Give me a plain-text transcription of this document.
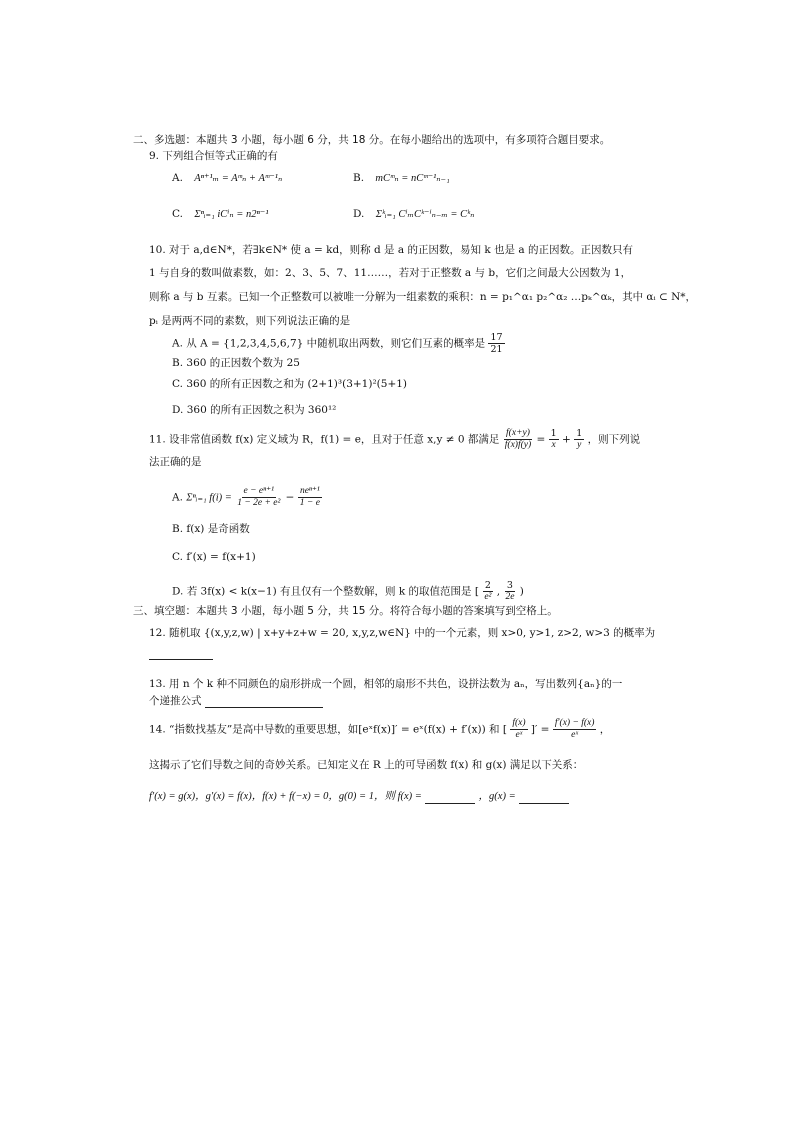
二、多选题：本题共 3 小题，每小题 6 分，共 18 分。在每小题给出的选项中，有多项符合题目要求。
9. 下列组合恒等式正确的有
A. Aⁿ⁺¹ₘ = Aᵐₙ + Aᵐ⁻¹ₙ	B. mCᵐₙ = nCᵐ⁻¹ₙ₋₁
C. Σⁿᵢ₌₁ iCⁱₙ = n2ⁿ⁻¹	D. Σᵏᵢ₌₁ CⁱₘCᵏ⁻ⁱₙ₋ₘ = Cᵏₙ
10. 对于 a,d∈N*，若∃k∈N* 使 a = kd，则称 d 是 a 的正因数，易知 k 也是 a 的正因数。正因数只有
1 与自身的数叫做素数，如：2、3、5、7、11……，若对于正整数 a 与 b，它们之间最大公因数为 1，
则称 a 与 b 互素。已知一个正整数可以被唯一分解为一组素数的乘积：n = p₁^α₁ p₂^α₂ …pₖ^αₖ，其中 αᵢ ⊂ N*，
pᵢ 是两两不同的素数，则下列说法正确的是
A. 从 A = {1,2,3,4,5,6,7} 中随机取出两数，则它们互素的概率是 $\frac{17}{21}$
B. 360 的正因数个数为 25
C. 360 的所有正因数之和为 (2+1)³(3+1)²(5+1)
D. 360 的所有正因数之积为 360¹²
11. 设非常值函数 f(x) 定义域为 R，f(1) = e，且对于任意 x,y ≠ 0 都满足 $\frac{f(x+y)}{f(x)f(y)} = \frac{1}{x} + \frac{1}{y}$ ，则下列说
法正确的是
A. Σⁿᵢ₌₁ $f(i) = \frac{\text{e − eⁿ⁺¹}}{\text{1 − 2e + e²}} - \frac{\text{neⁿ⁺¹}}{1 - e}$
B. f(x) 是奇函数
C. f′(x) = f(x+1)
D. 若 3f(x) < k(x−1) 有且仅有一个整数解，则 k 的取值范围是 [ $\frac{2}{\text{e²}}$ , $\frac{3}{2e}$ )
三、填空题：本题共 3 小题，每小题 5 分，共 15 分。将符合每小题的答案填写到空格上。
12. 随机取 {(x,y,z,w) | x+y+z+w = 20, x,y,z,w∈N} 中的一个元素，则 x>0, y>1, z>2, w>3 的概率为
13. 用 n 个 k 种不同颜色的扇形拼成一个圆，相邻的扇形不共色，设拼法数为 aₙ，写出数列{aₙ}的一
个递推公式
14. “指数找基友”是高中导数的重要思想，如[eˣf(x)]′ = eˣ(f(x) + f′(x)) 和 [ $\frac{f(x)}{\text{eˣ}}$ ]′ = $\frac{f'(x) - f(x)}{\text{eˣ}}$ ，
这揭示了它们导数之间的奇妙关系。已知定义在 R 上的可导函数 f(x) 和 g(x) 满足以下关系：
f′(x) = g(x)，g′(x) = f(x)，f(x) + f(−x) = 0，g(0) = 1，则 f(x) =	，g(x) =
